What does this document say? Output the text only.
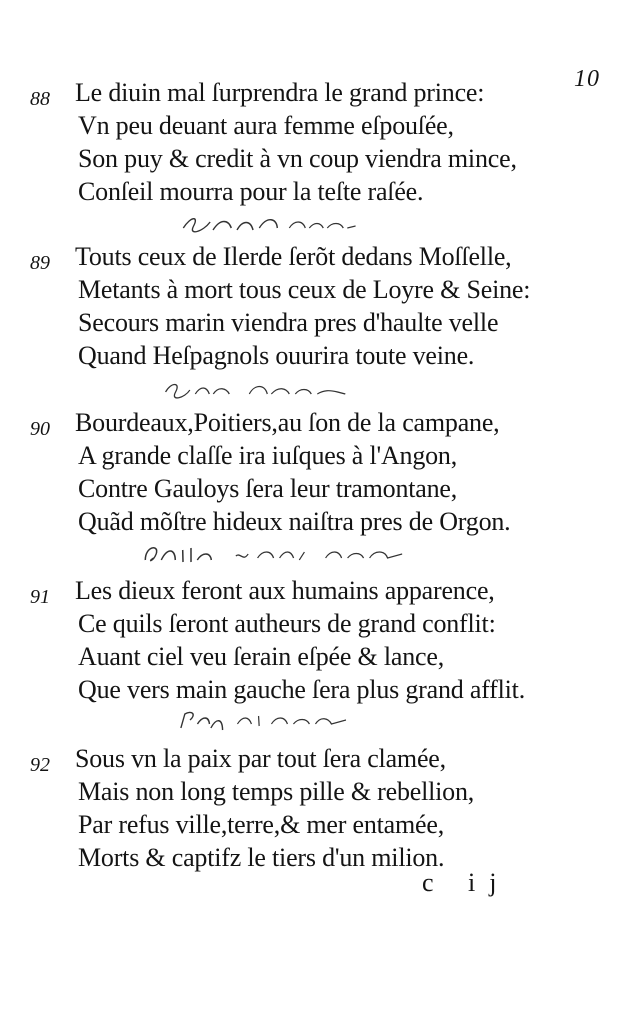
10
88 Le diuin mal ſurprendra le grand prince:
Vn peu deuant aura femme eſpouſée,
Son puy & credit à vn coup viendra mince,
Conſeil mourra pour la teſte raſée.
89 Touts ceux de Ilerde ſerõt dedans Moſſelle,
Metants à mort tous ceux de Loyre & Seine:
Secours marin viendra pres d'haulte velle
Quand Heſpagnols ouurira toute veine.
90 Bourdeaux,Poitiers,au ſon de la campane,
A grande claſſe ira iuſques à l'Angon,
Contre Gauloys ſera leur tramontane,
Quãd mõſtre hideux naiſtra pres de Orgon.
91 Les dieux feront aux humains apparence,
Ce quils ſeront autheurs de grand conflit:
Auant ciel veu ſerain eſpée & lance,
Que vers main gauche ſera plus grand afflit.
92 Sous vn la paix par tout ſera clamée,
Mais non long temps pille & rebellion,
Par refus ville,terre,& mer entamée,
Morts & captifz le tiers d'un milion.
c ij
